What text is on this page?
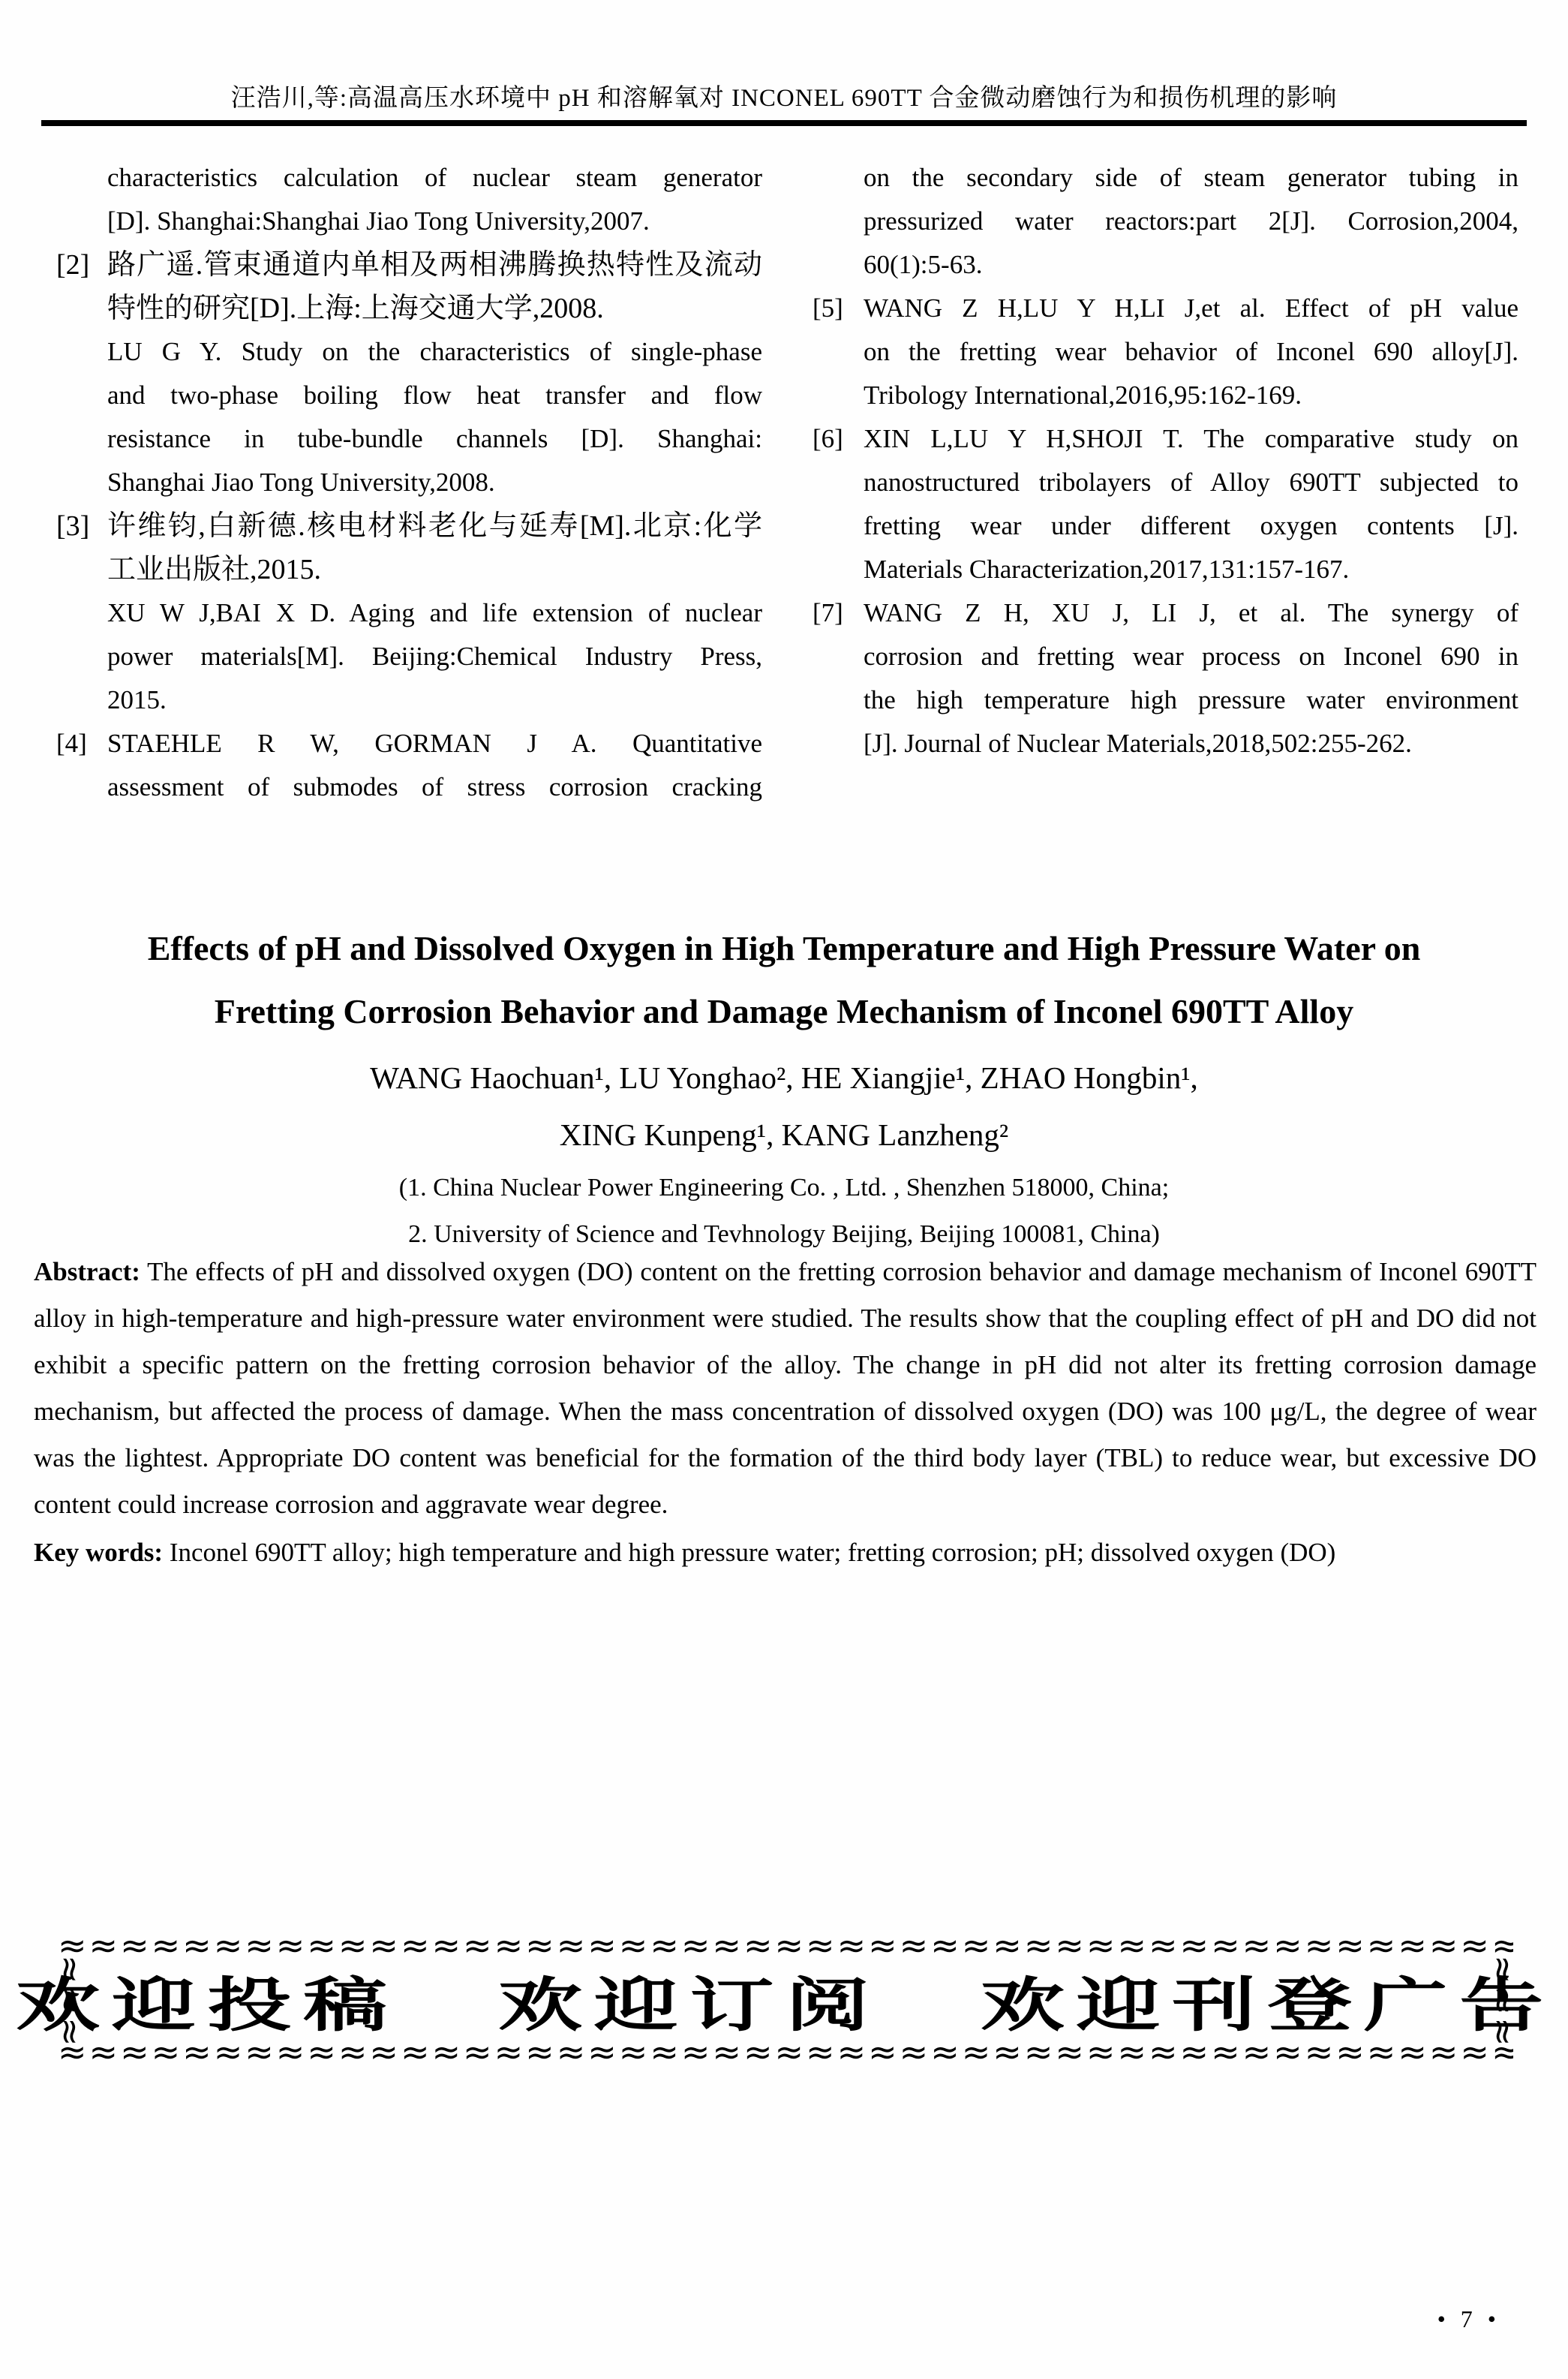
汪浩川,等:高温高压水环境中 pH 和溶解氧对 INCONEL 690TT 合金微动磨蚀行为和损伤机理的影响
characteristics calculation of nuclear steam generator
[D]. Shanghai:Shanghai Jiao Tong University,2007.
[2] 路广遥.管束通道内单相及两相沸腾换热特性及流动
特性的研究[D].上海:上海交通大学,2008.
LU G Y. Study on the characteristics of single-phase
and two-phase boiling flow heat transfer and flow
resistance in tube-bundle channels [D]. Shanghai:
Shanghai Jiao Tong University,2008.
[3] 许维钧,白新德.核电材料老化与延寿[M].北京:化学
工业出版社,2015.
XU W J,BAI X D. Aging and life extension of nuclear
power materials[M]. Beijing:Chemical Industry Press,
2015.
[4] STAEHLE R W, GORMAN J A. Quantitative
assessment of submodes of stress corrosion cracking
on the secondary side of steam generator tubing in
pressurized water reactors:part 2[J]. Corrosion,2004,
60(1):5-63.
[5] WANG Z H,LU Y H,LI J,et al. Effect of pH value
on the fretting wear behavior of Inconel 690 alloy[J].
Tribology International,2016,95:162-169.
[6] XIN L,LU Y H,SHOJI T. The comparative study on
nanostructured tribolayers of Alloy 690TT subjected to
fretting wear under different oxygen contents [J].
Materials Characterization,2017,131:157-167.
[7] WANG Z H, XU J, LI J, et al. The synergy of
corrosion and fretting wear process on Inconel 690 in
the high temperature high pressure water environment
[J]. Journal of Nuclear Materials,2018,502:255-262.
Effects of pH and Dissolved Oxygen in High Temperature and High Pressure Water on
Fretting Corrosion Behavior and Damage Mechanism of Inconel 690TT Alloy
WANG Haochuan¹, LU Yonghao², HE Xiangjie¹, ZHAO Hongbin¹,
XING Kunpeng¹, KANG Lanzheng²
(1. China Nuclear Power Engineering Co. , Ltd. , Shenzhen 518000, China;
2. University of Science and Tevhnology Beijing, Beijing 100081, China)
Abstract: The effects of pH and dissolved oxygen (DO) content on the fretting corrosion behavior and damage mechanism of Inconel 690TT alloy in high-temperature and high-pressure water environment were studied. The results show that the coupling effect of pH and DO did not exhibit a specific pattern on the fretting corrosion behavior of the alloy. The change in pH did not alter its fretting corrosion damage mechanism, but affected the process of damage. When the mass concentration of dissolved oxygen (DO) was 100 μg/L, the degree of wear was the lightest. Appropriate DO content was beneficial for the formation of the third body layer (TBL) to reduce wear, but excessive DO content could increase corrosion and aggravate wear degree.
Key words: Inconel 690TT alloy; high temperature and high pressure water; fretting corrosion; pH; dissolved oxygen (DO)
≈≈≈≈≈≈≈≈≈≈≈≈≈≈≈≈≈≈≈≈≈≈≈≈≈≈≈≈≈≈≈≈≈≈≈≈≈≈≈≈≈≈≈≈≈≈≈≈≈≈≈≈≈≈≈≈≈≈≈≈≈≈≈≈≈≈≈≈≈≈≈≈≈≈≈
≈≈≈≈≈≈≈≈≈≈≈≈≈≈≈≈≈≈≈≈≈≈≈≈≈≈≈≈≈≈≈≈≈≈≈≈≈≈≈≈≈≈≈≈≈≈≈≈≈≈≈≈≈≈≈≈≈≈≈≈≈≈≈≈≈≈≈≈≈≈≈≈≈≈≈
≈≈≈≈≈≈≈≈
≈≈≈≈≈≈≈≈
欢迎投稿 欢迎订阅 欢迎刊登广告
• 7 •
